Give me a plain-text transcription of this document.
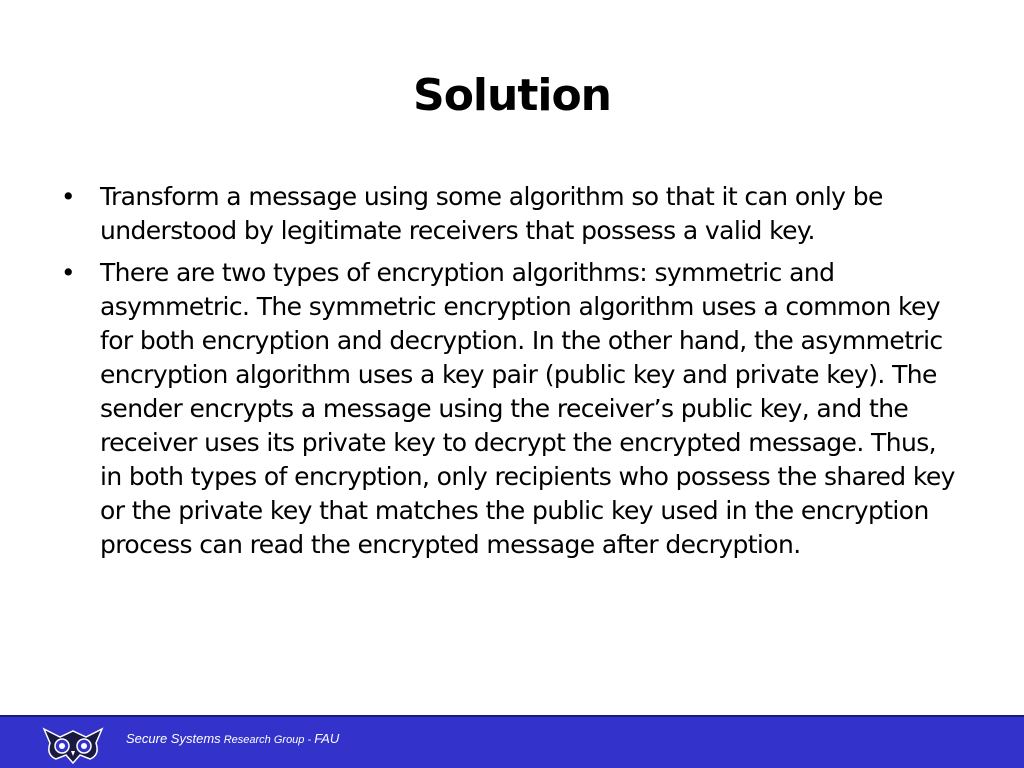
Solution
• Transform a message using some algorithm so that it can only be understood by legitimate receivers that possess a valid key.
• There are two types of encryption algorithms: symmetric and asymmetric. The symmetric encryption algorithm uses a common key for both encryption and decryption. In the other hand, the asymmetric encryption algorithm uses a key pair (public key and private key). The sender encrypts a message using the receiver’s public key, and the receiver uses its private key to decrypt the encrypted message. Thus, in both types of encryption, only recipients who possess the shared key or the private key that matches the public key used in the encryption process can read the encrypted message after decryption.
Secure Systems Research Group - FAU
